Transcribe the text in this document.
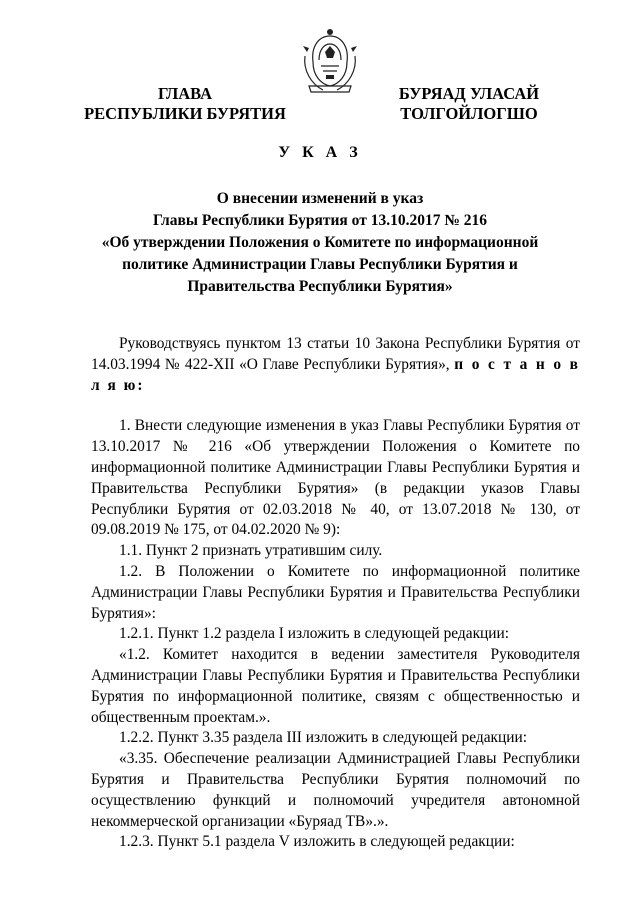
ГЛАВА
РЕСПУБЛИКИ БУРЯТИЯ
БУРЯАД УЛАСАЙ
ТОЛГОЙЛОГШО
У К А З
О внесении изменений в указ
Главы Республики Бурятия от 13.10.2017 № 216
«Об утверждении Положения о Комитете по информационной
политике Администрации Главы Республики Бурятия и
Правительства Республики Бурятия»

Руководствуясь пунктом 13 статьи 10 Закона Республики Бурятия от 14.03.1994 № 422-XII «О Главе Республики Бурятия», п о с т а н о в л я ю:

1. Внести следующие изменения в указ Главы Республики Бурятия от 13.10.2017 № 216 «Об утверждении Положения о Комитете по информационной политике Администрации Главы Республики Бурятия и Правительства Республики Бурятия» (в редакции указов Главы Республики Бурятия от 02.03.2018 № 40, от 13.07.2018 № 130, от 09.08.2019 № 175, от 04.02.2020 № 9):

1.1. Пункт 2 признать утратившим силу.

1.2. В Положении о Комитете по информационной политике Администрации Главы Республики Бурятия и Правительства Республики Бурятия»:

1.2.1. Пункт 1.2 раздела I изложить в следующей редакции:

«1.2. Комитет находится в ведении заместителя Руководителя Администрации Главы Республики Бурятия и Правительства Республики Бурятия по информационной политике, связям с общественностью и общественным проектам.».

1.2.2. Пункт 3.35 раздела III изложить в следующей редакции:

«3.35. Обеспечение реализации Администрацией Главы Республики Бурятия и Правительства Республики Бурятия полномочий по осуществлению функций и полномочий учредителя автономной некоммерческой организации «Буряад ТВ».».

1.2.3. Пункт 5.1 раздела V изложить в следующей редакции:
